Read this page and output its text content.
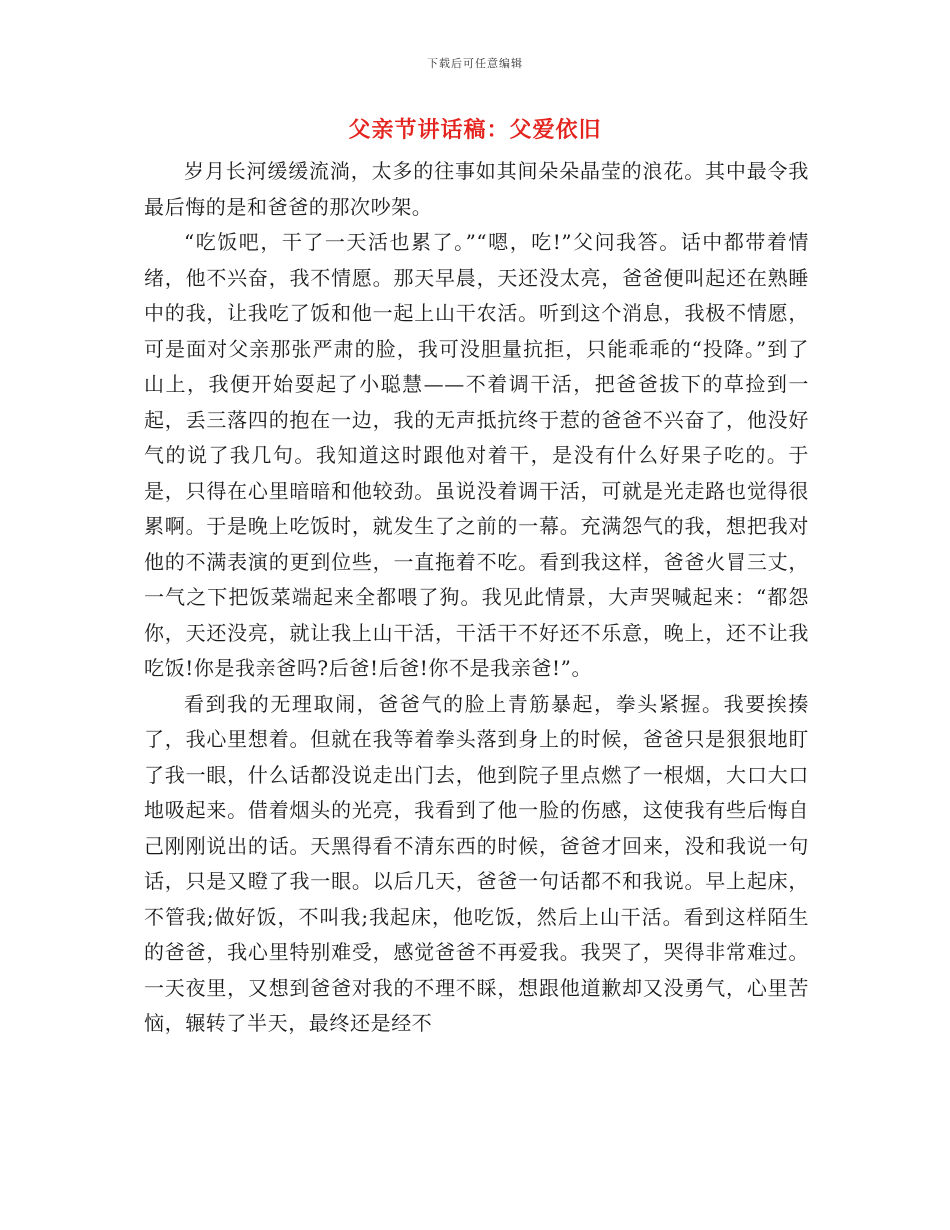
下载后可任意编辑
父亲节讲话稿：父爱依旧

岁月长河缓缓流淌，太多的往事如其间朵朵晶莹的浪花。其中最令我最后悔的是和爸爸的那次吵架。

“吃饭吧，干了一天活也累了。”“嗯，吃!”父问我答。话中都带着情绪，他不兴奋，我不情愿。那天早晨，天还没太亮，爸爸便叫起还在熟睡中的我，让我吃了饭和他一起上山干农活。听到这个消息，我极不情愿，可是面对父亲那张严肃的脸，我可没胆量抗拒，只能乖乖的“投降。”到了山上，我便开始耍起了小聪慧——不着调干活，把爸爸拔下的草捡到一起，丢三落四的抱在一边，我的无声抵抗终于惹的爸爸不兴奋了，他没好气的说了我几句。我知道这时跟他对着干，是没有什么好果子吃的。于是，只得在心里暗暗和他较劲。虽说没着调干活，可就是光走路也觉得很累啊。于是晚上吃饭时，就发生了之前的一幕。充满怨气的我，想把我对他的不满表演的更到位些，一直拖着不吃。看到我这样，爸爸火冒三丈，一气之下把饭菜端起来全都喂了狗。我见此情景，大声哭喊起来：“都怨你，天还没亮，就让我上山干活，干活干不好还不乐意，晚上，还不让我吃饭!你是我亲爸吗?后爸!后爸!你不是我亲爸!”。

看到我的无理取闹，爸爸气的脸上青筋暴起，拳头紧握。我要挨揍了，我心里想着。但就在我等着拳头落到身上的时候，爸爸只是狠狠地盯了我一眼，什么话都没说走出门去，他到院子里点燃了一根烟，大口大口地吸起来。借着烟头的光亮，我看到了他一脸的伤感，这使我有些后悔自己刚刚说出的话。天黑得看不清东西的时候，爸爸才回来，没和我说一句话，只是又瞪了我一眼。以后几天，爸爸一句话都不和我说。早上起床，不管我;做好饭，不叫我;我起床，他吃饭，然后上山干活。看到这样陌生的爸爸，我心里特别难受，感觉爸爸不再爱我。我哭了，哭得非常难过。一天夜里，又想到爸爸对我的不理不睬，想跟他道歉却又没勇气，心里苦恼，辗转了半天，最终还是经不
